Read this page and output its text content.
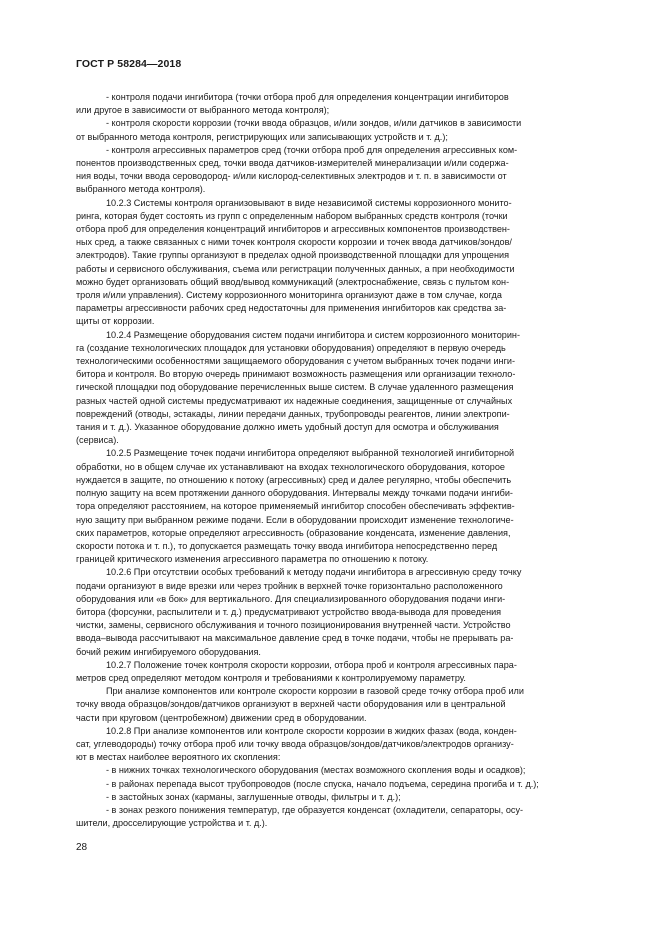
ГОСТ Р 58284—2018

- контроля подачи ингибитора (точки отбора проб для определения концентрации ингибиторов
или другое в зависимости от выбранного метода контроля);

- контроля скорости коррозии (точки ввода образцов, и/или зондов, и/или датчиков в зависимости
от выбранного метода контроля, регистрирующих или записывающих устройств и т. д.);

- контроля агрессивных параметров сред (точки отбора проб для определения агрессивных ком-
понентов производственных сред, точки ввода датчиков-измерителей минерализации и/или содержа-
ния воды, точки ввода сероводород- и/или кислород-селективных электродов и т. п. в зависимости от
выбранного метода контроля).

10.2.3 Системы контроля организовывают в виде независимой системы коррозионного монито-
ринга, которая будет состоять из групп с определенным набором выбранных средств контроля (точки
отбора проб для определения концентраций ингибиторов и агрессивных компонентов производствен-
ных сред, а также связанных с ними точек контроля скорости коррозии и точек ввода датчиков/зондов/
электродов). Такие группы организуют в пределах одной производственной площадки для упрощения
работы и сервисного обслуживания, съема или регистрации полученных данных, а при необходимости
можно будет организовать общий ввод/вывод коммуникаций (электроснабжение, связь с пультом кон-
троля и/или управления). Систему коррозионного мониторинга организуют даже в том случае, когда
параметры агрессивности рабочих сред недостаточны для применения ингибиторов как средства за-
щиты от коррозии.

10.2.4 Размещение оборудования систем подачи ингибитора и систем коррозионного мониторин-
га (создание технологических площадок для установки оборудования) определяют в первую очередь
технологическими особенностями защищаемого оборудования с учетом выбранных точек подачи инги-
битора и контроля. Во вторую очередь принимают возможность размещения или организации техноло-
гической площадки под оборудование перечисленных выше систем. В случае удаленного размещения
разных частей одной системы предусматривают их надежные соединения, защищенные от случайных
повреждений (отводы, эстакады, линии передачи данных, трубопроводы реагентов, линии электропи-
тания и т. д.). Указанное оборудование должно иметь удобный доступ для осмотра и обслуживания
(сервиса).

10.2.5 Размещение точек подачи ингибитора определяют выбранной технологией ингибиторной
обработки, но в общем случае их устанавливают на входах технологического оборудования, которое
нуждается в защите, по отношению к потоку (агрессивных) сред и далее регулярно, чтобы обеспечить
полную защиту на всем протяжении данного оборудования. Интервалы между точками подачи ингиби-
тора определяют расстоянием, на которое применяемый ингибитор способен обеспечивать эффектив-
ную защиту при выбранном режиме подачи. Если в оборудовании происходит изменение технологиче-
ских параметров, которые определяют агрессивность (образование конденсата, изменение давления,
скорости потока и т. п.), то допускается размещать точку ввода ингибитора непосредственно перед
границей критического изменения агрессивного параметра по отношению к потоку.

10.2.6 При отсутствии особых требований к методу подачи ингибитора в агрессивную среду точку
подачи организуют в виде врезки или через тройник в верхней точке горизонтально расположенного
оборудования или «в бок» для вертикального. Для специализированного оборудования подачи инги-
битора (форсунки, распылители и т. д.) предусматривают устройство ввода-вывода для проведения
чистки, замены, сервисного обслуживания и точного позиционирования внутренней части. Устройство
ввода–вывода рассчитывают на максимальное давление сред в точке подачи, чтобы не прерывать ра-
бочий режим ингибируемого оборудования.

10.2.7 Положение точек контроля скорости коррозии, отбора проб и контроля агрессивных пара-
метров сред определяют методом контроля и требованиями к контролируемому параметру.

При анализе компонентов или контроле скорости коррозии в газовой среде точку отбора проб или
точку ввода образцов/зондов/датчиков организуют в верхней части оборудования или в центральной
части при круговом (центробежном) движении сред в оборудовании.

10.2.8 При анализе компонентов или контроле скорости коррозии в жидких фазах (вода, конден-
сат, углеводороды) точку отбора проб или точку ввода образцов/зондов/датчиков/электродов организу-
ют в местах наиболее вероятного их скопления:

- в нижних точках технологического оборудования (местах возможного скопления воды и осадков);

- в районах перепада высот трубопроводов (после спуска, начало подъема, середина прогиба и т. д.);

- в застойных зонах (карманы, заглушенные отводы, фильтры и т. д.);

- в зонах резкого понижения температур, где образуется конденсат (охладители, сепараторы, осу-
шители, дросселирующие устройства и т. д.).

28
